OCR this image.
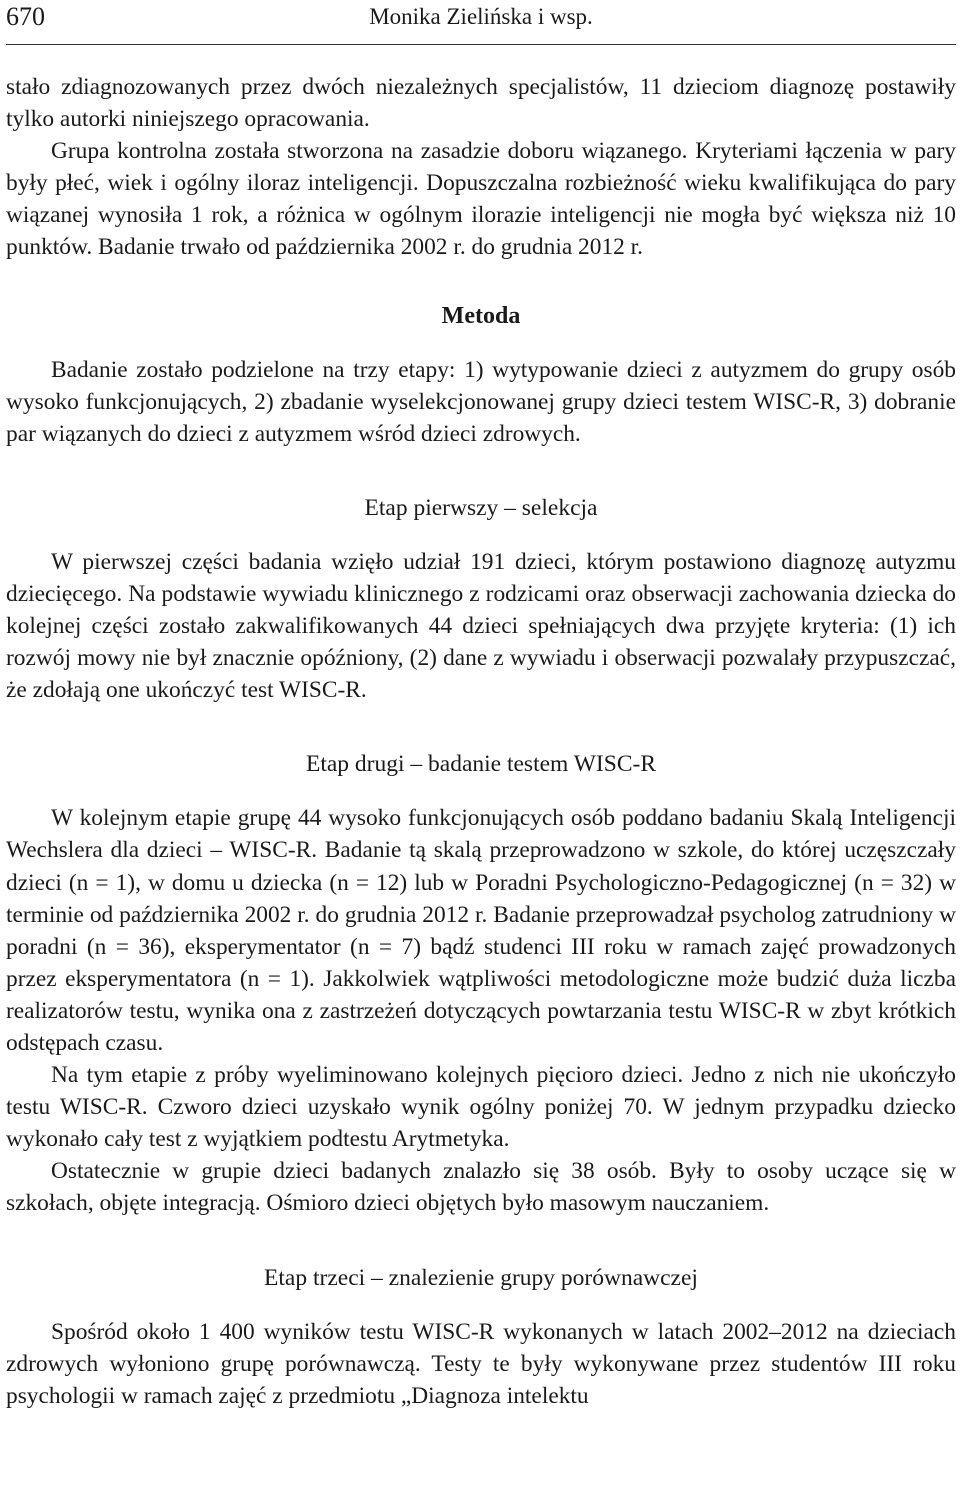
670	Monika Zielińska i wsp.

stało zdiagnozowanych przez dwóch niezależnych specjalistów, 11 dzieciom diagnozę postawiły tylko autorki niniejszego opracowania.

Grupa kontrolna została stworzona na zasadzie doboru wiązanego. Kryteriami łączenia w pary były płeć, wiek i ogólny iloraz inteligencji. Dopuszczalna rozbieżność wieku kwalifikująca do pary wiązanej wynosiła 1 rok, a różnica w ogólnym ilorazie inteligencji nie mogła być większa niż 10 punktów. Badanie trwało od października 2002 r. do grudnia 2012 r.

Metoda

Badanie zostało podzielone na trzy etapy: 1) wytypowanie dzieci z autyzmem do grupy osób wysoko funkcjonujących, 2) zbadanie wyselekcjonowanej grupy dzieci testem WISC-R, 3) dobranie par wiązanych do dzieci z autyzmem wśród dzieci zdrowych.

Etap pierwszy – selekcja

W pierwszej części badania wzięło udział 191 dzieci, którym postawiono diagnozę autyzmu dziecięcego. Na podstawie wywiadu klinicznego z rodzicami oraz obserwacji zachowania dziecka do kolejnej części zostało zakwalifikowanych 44 dzieci spełniających dwa przyjęte kryteria: (1) ich rozwój mowy nie był znacznie opóźniony, (2) dane z wywiadu i obserwacji pozwalały przypuszczać, że zdołają one ukończyć test WISC-R.

Etap drugi – badanie testem WISC-R

W kolejnym etapie grupę 44 wysoko funkcjonujących osób poddano badaniu Skalą Inteligencji Wechslera dla dzieci – WISC-R. Badanie tą skalą przeprowadzono w szkole, do której uczęszczały dzieci (n = 1), w domu u dziecka (n = 12) lub w Poradni Psychologiczno-Pedagogicznej (n = 32) w terminie od października 2002 r. do grudnia 2012 r. Badanie przeprowadzał psycholog zatrudniony w poradni (n = 36), eksperymentator (n = 7) bądź studenci III roku w ramach zajęć prowadzonych przez eksperymentatora (n = 1). Jakkolwiek wątpliwości metodologiczne może budzić duża liczba realizatorów testu, wynika ona z zastrzeżeń dotyczących powtarzania testu WISC-R w zbyt krótkich odstępach czasu.

Na tym etapie z próby wyeliminowano kolejnych pięcioro dzieci. Jedno z nich nie ukończyło testu WISC-R. Czworo dzieci uzyskało wynik ogólny poniżej 70. W jednym przypadku dziecko wykonało cały test z wyjątkiem podtestu Arytmetyka.

Ostatecznie w grupie dzieci badanych znalazło się 38 osób. Były to osoby uczące się w szkołach, objęte integracją. Ośmioro dzieci objętych było masowym nauczaniem.

Etap trzeci – znalezienie grupy porównawczej

Spośród około 1 400 wyników testu WISC-R wykonanych w latach 2002–2012 na dzieciach zdrowych wyłoniono grupę porównawczą. Testy te były wykonywane przez studentów III roku psychologii w ramach zajęć z przedmiotu „Diagnoza intelektu
